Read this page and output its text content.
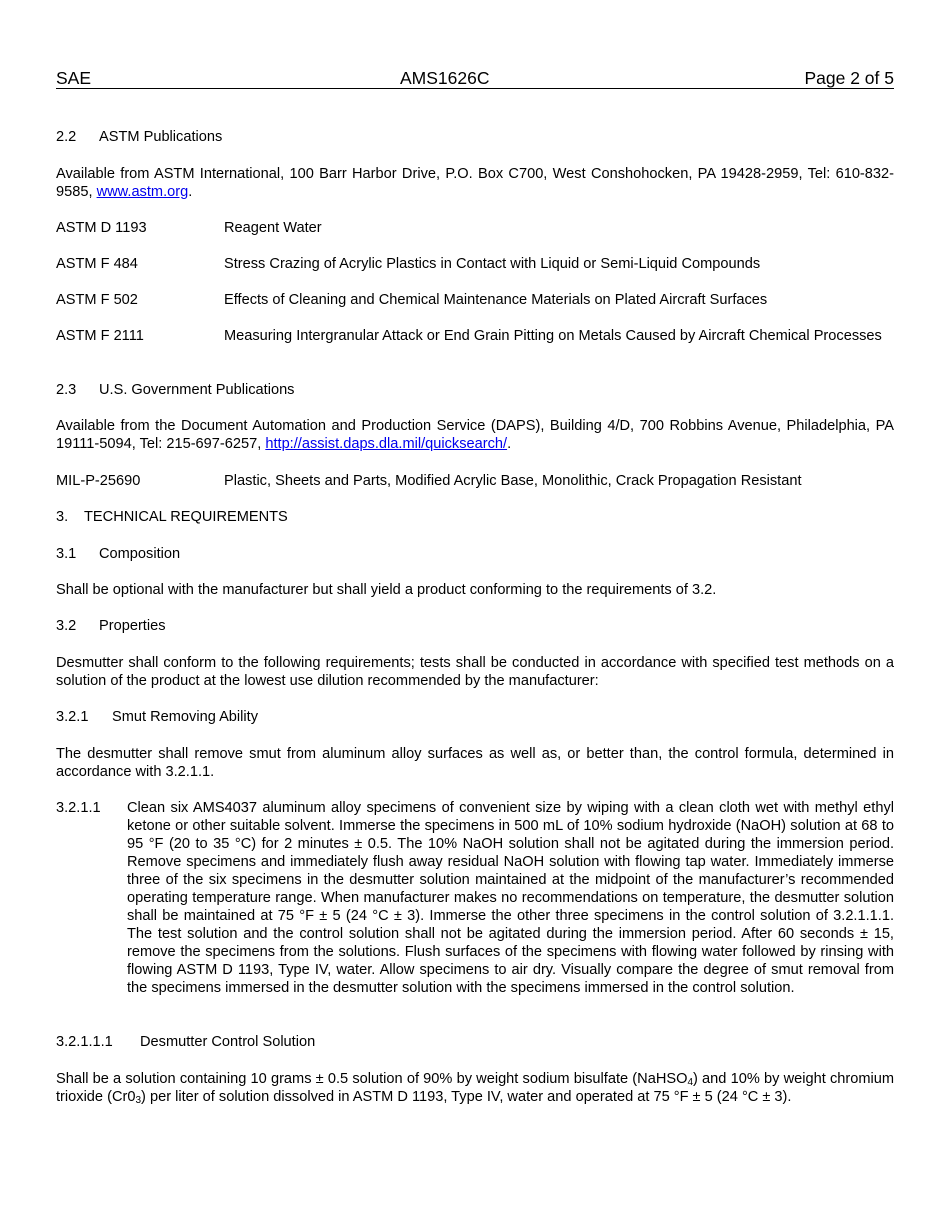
SAE	AMS1626C	Page 2 of 5
2.2 ASTM Publications
Available from ASTM International, 100 Barr Harbor Drive, P.O. Box C700, West Conshohocken, PA 19428-2959, Tel: 610-832-9585, www.astm.org.
ASTM D 1193	Reagent Water
ASTM F 484	Stress Crazing of Acrylic Plastics in Contact with Liquid or Semi-Liquid Compounds
ASTM F 502	Effects of Cleaning and Chemical Maintenance Materials on Plated Aircraft Surfaces
ASTM F 2111	Measuring Intergranular Attack or End Grain Pitting on Metals Caused by Aircraft Chemical Processes
2.3 U.S. Government Publications
Available from the Document Automation and Production Service (DAPS), Building 4/D, 700 Robbins Avenue, Philadelphia, PA 19111-5094, Tel: 215-697-6257, http://assist.daps.dla.mil/quicksearch/.
MIL-P-25690	Plastic, Sheets and Parts, Modified Acrylic Base, Monolithic, Crack Propagation Resistant
3. TECHNICAL REQUIREMENTS
3.1 Composition
Shall be optional with the manufacturer but shall yield a product conforming to the requirements of 3.2.
3.2 Properties
Desmutter shall conform to the following requirements; tests shall be conducted in accordance with specified test methods on a solution of the product at the lowest use dilution recommended by the manufacturer:
3.2.1 Smut Removing Ability
The desmutter shall remove smut from aluminum alloy surfaces as well as, or better than, the control formula, determined in accordance with 3.2.1.1.
3.2.1.1 Clean six AMS4037 aluminum alloy specimens of convenient size by wiping with a clean cloth wet with methyl ethyl ketone or other suitable solvent. Immerse the specimens in 500 mL of 10% sodium hydroxide (NaOH) solution at 68 to 95 °F (20 to 35 °C) for 2 minutes ± 0.5. The 10% NaOH solution shall not be agitated during the immersion period. Remove specimens and immediately flush away residual NaOH solution with flowing tap water. Immediately immerse three of the six specimens in the desmutter solution maintained at the midpoint of the manufacturer’s recommended operating temperature range. When manufacturer makes no recommendations on temperature, the desmutter solution shall be maintained at 75 °F ± 5 (24 °C ± 3). Immerse the other three specimens in the control solution of 3.2.1.1.1. The test solution and the control solution shall not be agitated during the immersion period. After 60 seconds ± 15, remove the specimens from the solutions. Flush surfaces of the specimens with flowing water followed by rinsing with flowing ASTM D 1193, Type IV, water. Allow specimens to air dry. Visually compare the degree of smut removal from the specimens immersed in the desmutter solution with the specimens immersed in the control solution.
3.2.1.1.1 Desmutter Control Solution
Shall be a solution containing 10 grams ± 0.5 solution of 90% by weight sodium bisulfate (NaHSO$_4$) and 10% by weight chromium trioxide $(Cr0_3)$ per liter of solution dissolved in ASTM D 1193, Type IV, water and operated at 75 °F ± 5 (24 °C ± 3).
